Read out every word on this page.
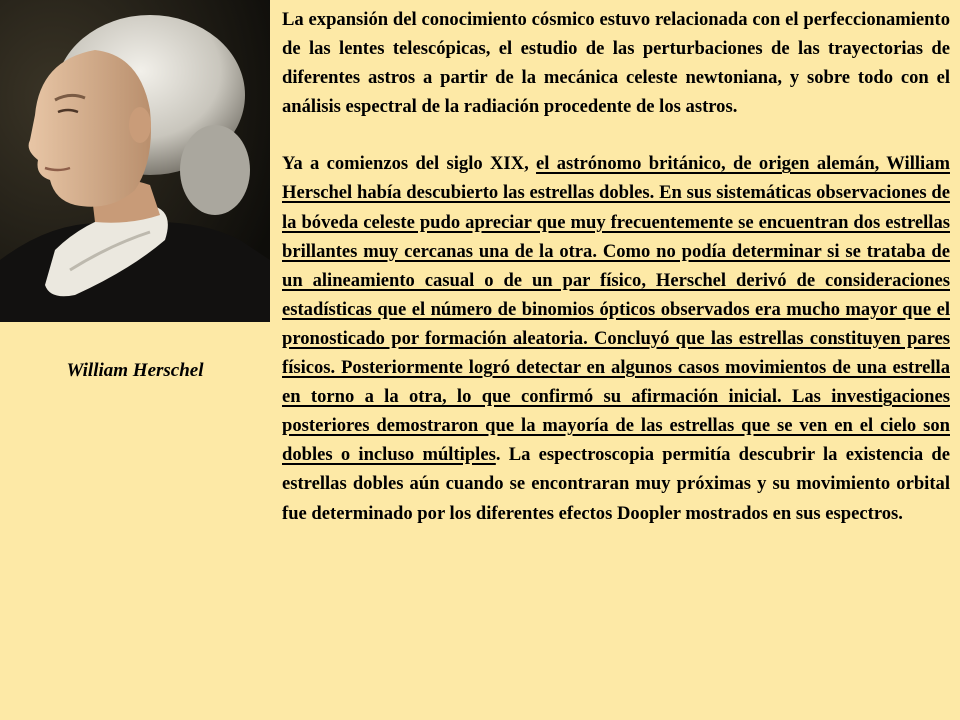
William Herschel

La expansión del conocimiento cósmico estuvo relacionada con el perfeccionamiento de las lentes telescópicas, el estudio de las perturbaciones de las trayectorias de diferentes astros a partir de la mecánica celeste newtoniana, y sobre todo con el análisis espectral de la radiación procedente de los astros.

Ya a comienzos del siglo XIX, el astrónomo británico, de origen alemán, William Herschel había descubierto las estrellas dobles. En sus sistemáticas observaciones de la bóveda celeste pudo apreciar que muy frecuentemente se encuentran dos estrellas brillantes muy cercanas una de la otra. Como no podía determinar si se trataba de un alineamiento casual o de un par físico, Herschel derivó de consideraciones estadísticas que el número de binomios ópticos observados era mucho mayor que el pronosticado por formación aleatoria. Concluyó que las estrellas constituyen pares físicos. Posteriormente logró detectar en algunos casos movimientos de una estrella en torno a la otra, lo que confirmó su afirmación inicial. Las investigaciones posteriores demostraron que la mayoría de las estrellas que se ven en el cielo son dobles o incluso múltiples. La espectroscopia permitía descubrir la existencia de estrellas dobles aún cuando se encontraran muy próximas y su movimiento orbital fue determinado por los diferentes efectos Doopler mostrados en sus espectros.
